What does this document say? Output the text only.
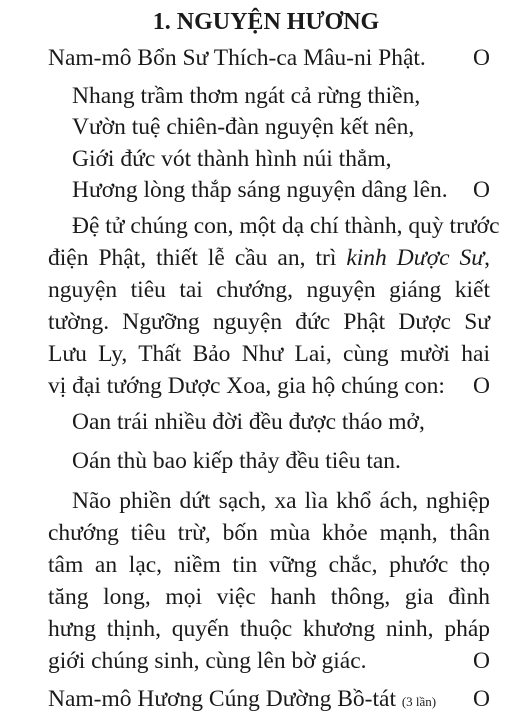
1. NGUYỆN HƯƠNG
Nam-mô Bổn Sư Thích-ca Mâu-ni Phật.	O
Nhang trầm thơm ngát cả rừng thiền,
Vườn tuệ chiên-đàn nguyện kết nên,
Giới đức vót thành hình núi thẳm,
Hương lòng thắp sáng nguyện dâng lên.	O
Đệ tử chúng con, một dạ chí thành, quỳ trước
điện Phật, thiết lễ cầu an, trì kinh Dược Sư,
nguyện tiêu tai chướng, nguyện giáng kiết
tường. Ngưỡng nguyện đức Phật Dược Sư
Lưu Ly, Thất Bảo Như Lai, cùng mười hai
vị đại tướng Dược Xoa, gia hộ chúng con:	O
Oan trái nhiều đời đều được tháo mở,
Oán thù bao kiếp thảy đều tiêu tan.
Não phiền dứt sạch, xa lìa khổ ách, nghiệp
chướng tiêu trừ, bốn mùa khỏe mạnh, thân
tâm an lạc, niềm tin vững chắc, phước thọ
tăng long, mọi việc hanh thông, gia đình
hưng thịnh, quyến thuộc khương ninh, pháp
giới chúng sinh, cùng lên bờ giác.	O
Nam-mô Hương Cúng Dường Bồ-tát (3 lần)	O
